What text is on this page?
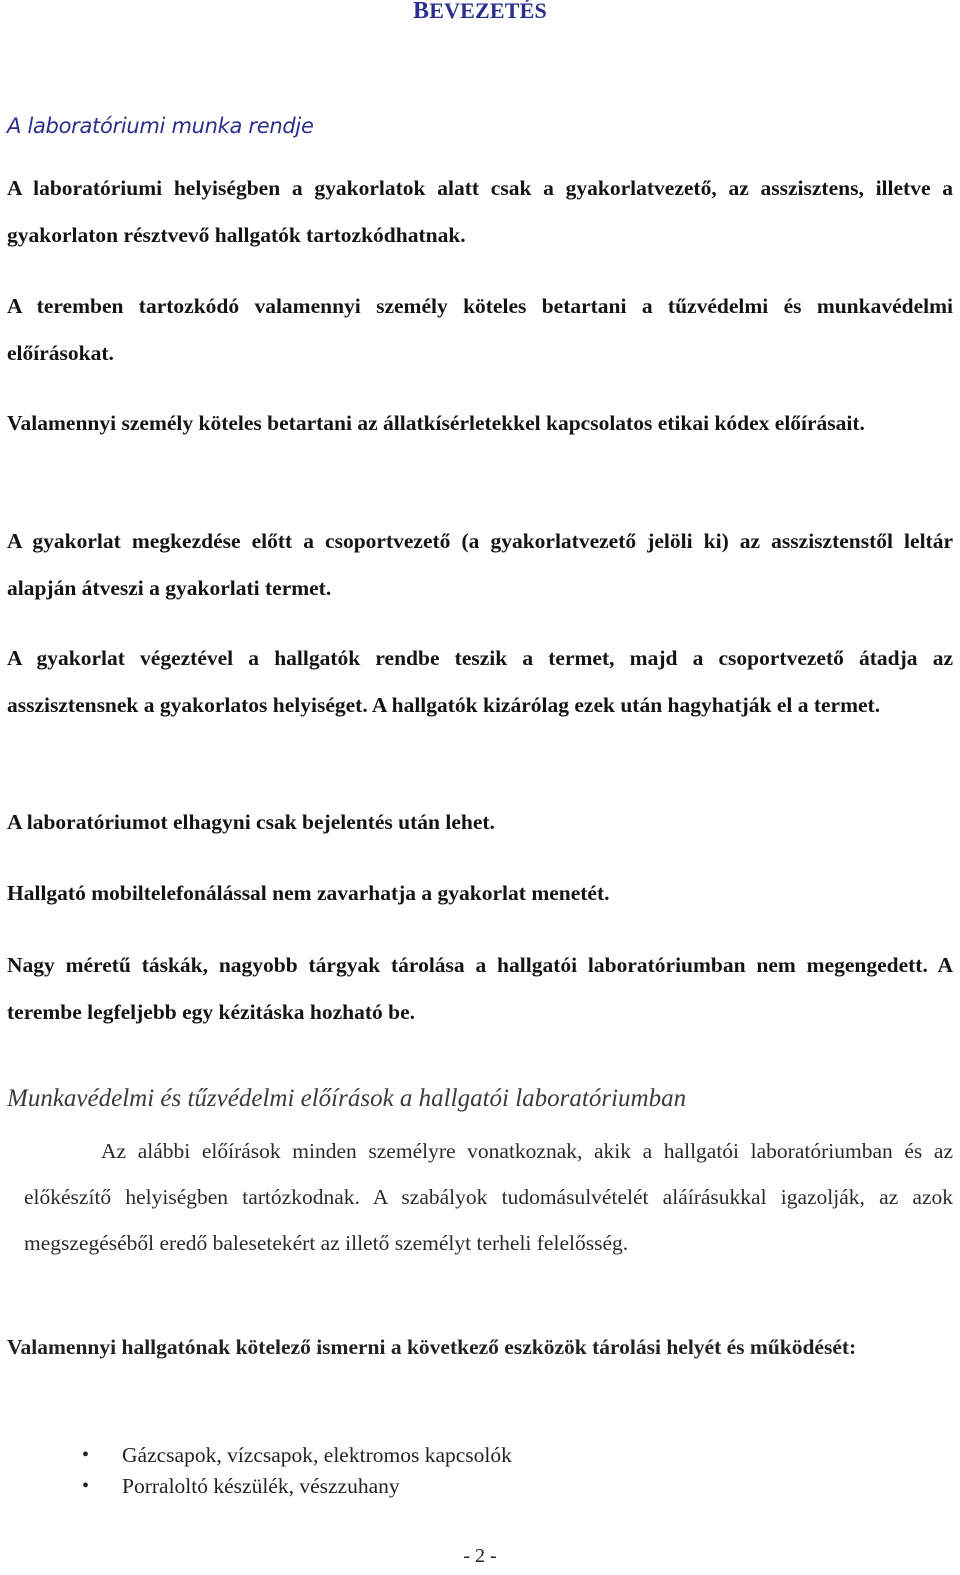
BEVEZETÉS
A laboratóriumi munka rendje

A laboratóriumi helyiségben a gyakorlatok alatt csak a gyakorlatvezető, az asszisztens, illetve a gyakorlaton résztvevő hallgatók tartozkódhatnak.

A teremben tartozkódó valamennyi személy köteles betartani a tűzvédelmi és munkavédelmi előírásokat.

Valamennyi személy köteles betartani az állatkísérletekkel kapcsolatos etikai kódex előírásait.

A gyakorlat megkezdése előtt a csoportvezető (a gyakorlatvezető jelöli ki) az asszisztenstől leltár alapján átveszi a gyakorlati termet.

A gyakorlat végeztével a hallgatók rendbe teszik a termet, majd a csoportvezető átadja az asszisztensnek a gyakorlatos helyiséget. A hallgatók kizárólag ezek után hagyhatják el a termet.

A laboratóriumot elhagyni csak bejelentés után lehet.

Hallgató mobiltelefonálással nem zavarhatja a gyakorlat menetét.

Nagy méretű táskák, nagyobb tárgyak tárolása a hallgatói laboratóriumban nem megengedett. A terembe legfeljebb egy kézitáska hozható be.

Munkavédelmi és tűzvédelmi előírások a hallgatói laboratóriumban

Az alábbi előírások minden személyre vonatkoznak, akik a hallgatói laboratóriumban és az előkészítő helyiségben tartózkodnak. A szabályok tudomásulvételét aláírásukkal igazolják, az azok megszegéséből eredő balesetekért az illető személyt terheli felelősség.

Valamennyi hallgatónak kötelező ismerni a következő eszközök tárolási helyét és működését:

• Gázcsapok, vízcsapok, elektromos kapcsolók
• Porraloltó készülék, vészzuhany
- 2 -
